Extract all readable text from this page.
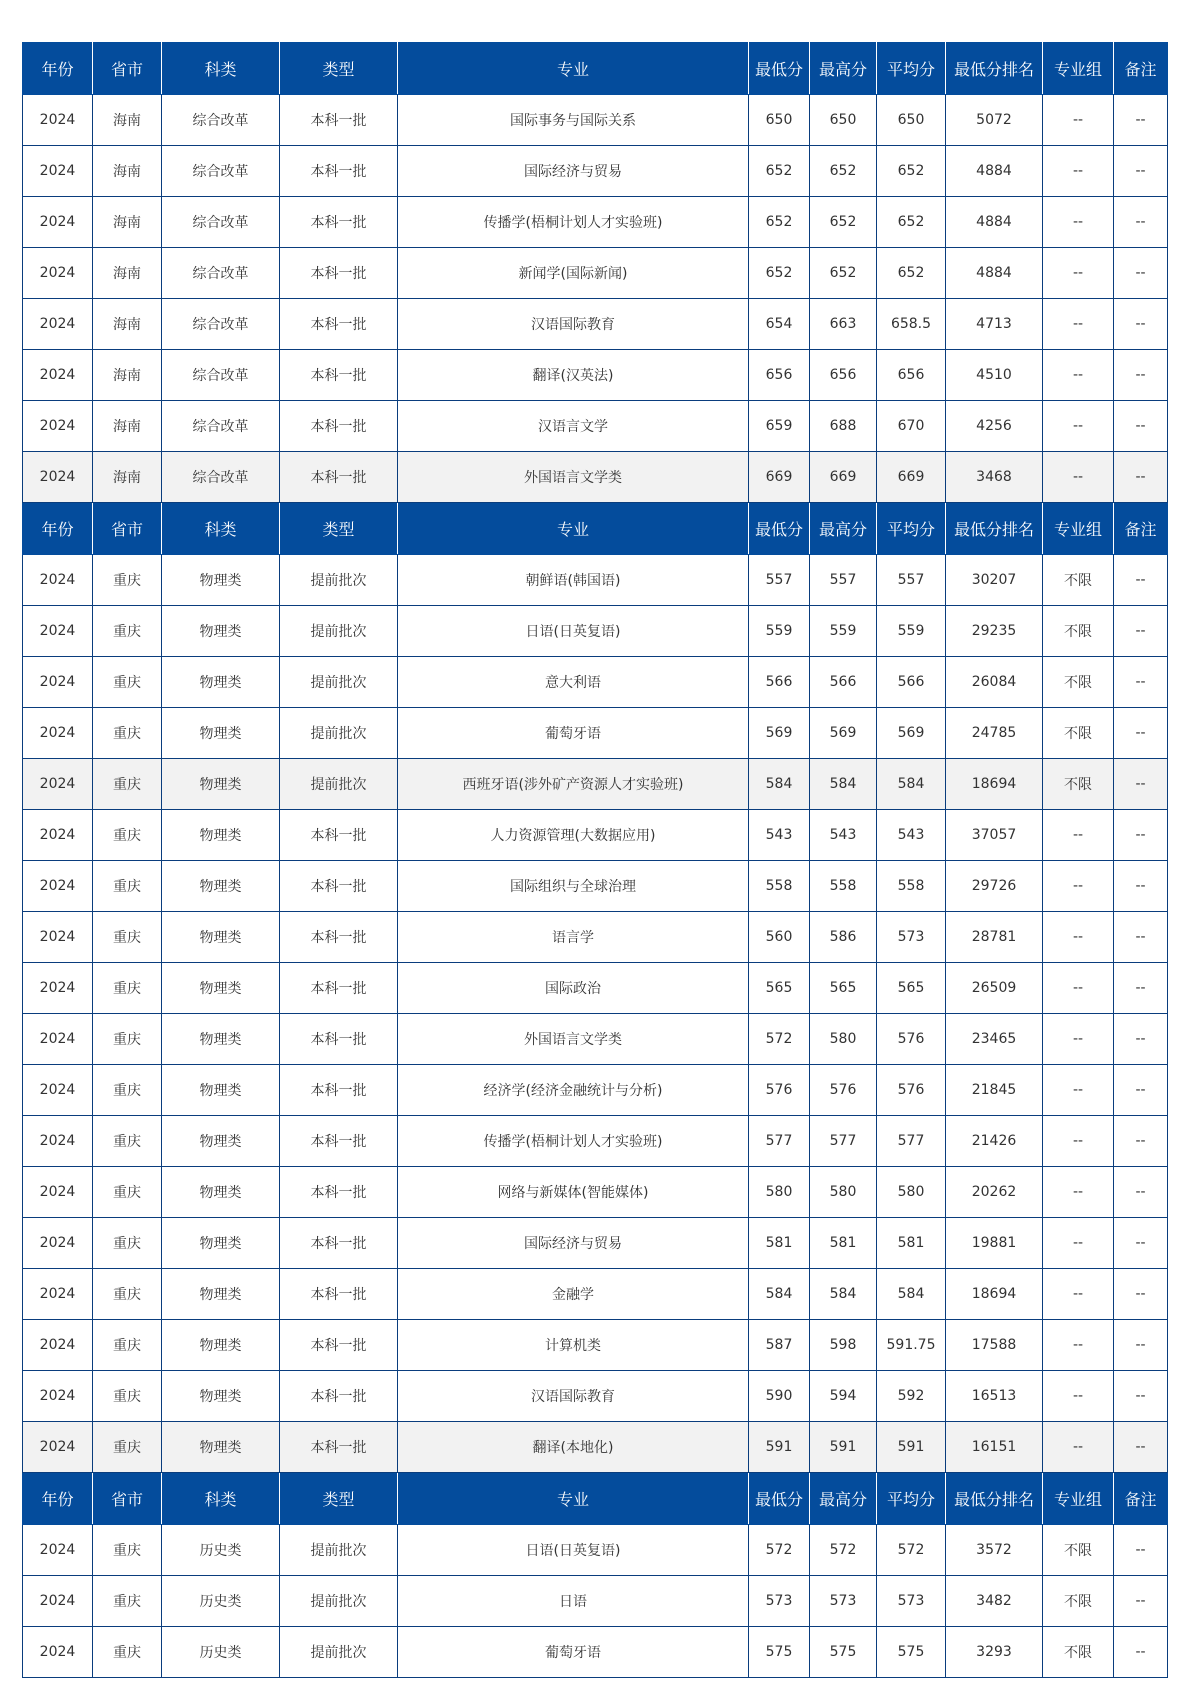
年份	省市	科类	类型	专业	最低分	最高分	平均分	最低分排名	专业组	备注
2024	海南	综合改革	本科一批	国际事务与国际关系	650	650	650	5072	--	--
2024	海南	综合改革	本科一批	国际经济与贸易	652	652	652	4884	--	--
2024	海南	综合改革	本科一批	传播学(梧桐计划人才实验班)	652	652	652	4884	--	--
2024	海南	综合改革	本科一批	新闻学(国际新闻)	652	652	652	4884	--	--
2024	海南	综合改革	本科一批	汉语国际教育	654	663	658.5	4713	--	--
2024	海南	综合改革	本科一批	翻译(汉英法)	656	656	656	4510	--	--
2024	海南	综合改革	本科一批	汉语言文学	659	688	670	4256	--	--
2024	海南	综合改革	本科一批	外国语言文学类	669	669	669	3468	--	--
年份	省市	科类	类型	专业	最低分	最高分	平均分	最低分排名	专业组	备注
2024	重庆	物理类	提前批次	朝鲜语(韩国语)	557	557	557	30207	不限	--
2024	重庆	物理类	提前批次	日语(日英复语)	559	559	559	29235	不限	--
2024	重庆	物理类	提前批次	意大利语	566	566	566	26084	不限	--
2024	重庆	物理类	提前批次	葡萄牙语	569	569	569	24785	不限	--
2024	重庆	物理类	提前批次	西班牙语(涉外矿产资源人才实验班)	584	584	584	18694	不限	--
2024	重庆	物理类	本科一批	人力资源管理(大数据应用)	543	543	543	37057	--	--
2024	重庆	物理类	本科一批	国际组织与全球治理	558	558	558	29726	--	--
2024	重庆	物理类	本科一批	语言学	560	586	573	28781	--	--
2024	重庆	物理类	本科一批	国际政治	565	565	565	26509	--	--
2024	重庆	物理类	本科一批	外国语言文学类	572	580	576	23465	--	--
2024	重庆	物理类	本科一批	经济学(经济金融统计与分析)	576	576	576	21845	--	--
2024	重庆	物理类	本科一批	传播学(梧桐计划人才实验班)	577	577	577	21426	--	--
2024	重庆	物理类	本科一批	网络与新媒体(智能媒体)	580	580	580	20262	--	--
2024	重庆	物理类	本科一批	国际经济与贸易	581	581	581	19881	--	--
2024	重庆	物理类	本科一批	金融学	584	584	584	18694	--	--
2024	重庆	物理类	本科一批	计算机类	587	598	591.75	17588	--	--
2024	重庆	物理类	本科一批	汉语国际教育	590	594	592	16513	--	--
2024	重庆	物理类	本科一批	翻译(本地化)	591	591	591	16151	--	--
年份	省市	科类	类型	专业	最低分	最高分	平均分	最低分排名	专业组	备注
2024	重庆	历史类	提前批次	日语(日英复语)	572	572	572	3572	不限	--
2024	重庆	历史类	提前批次	日语	573	573	573	3482	不限	--
2024	重庆	历史类	提前批次	葡萄牙语	575	575	575	3293	不限	--
